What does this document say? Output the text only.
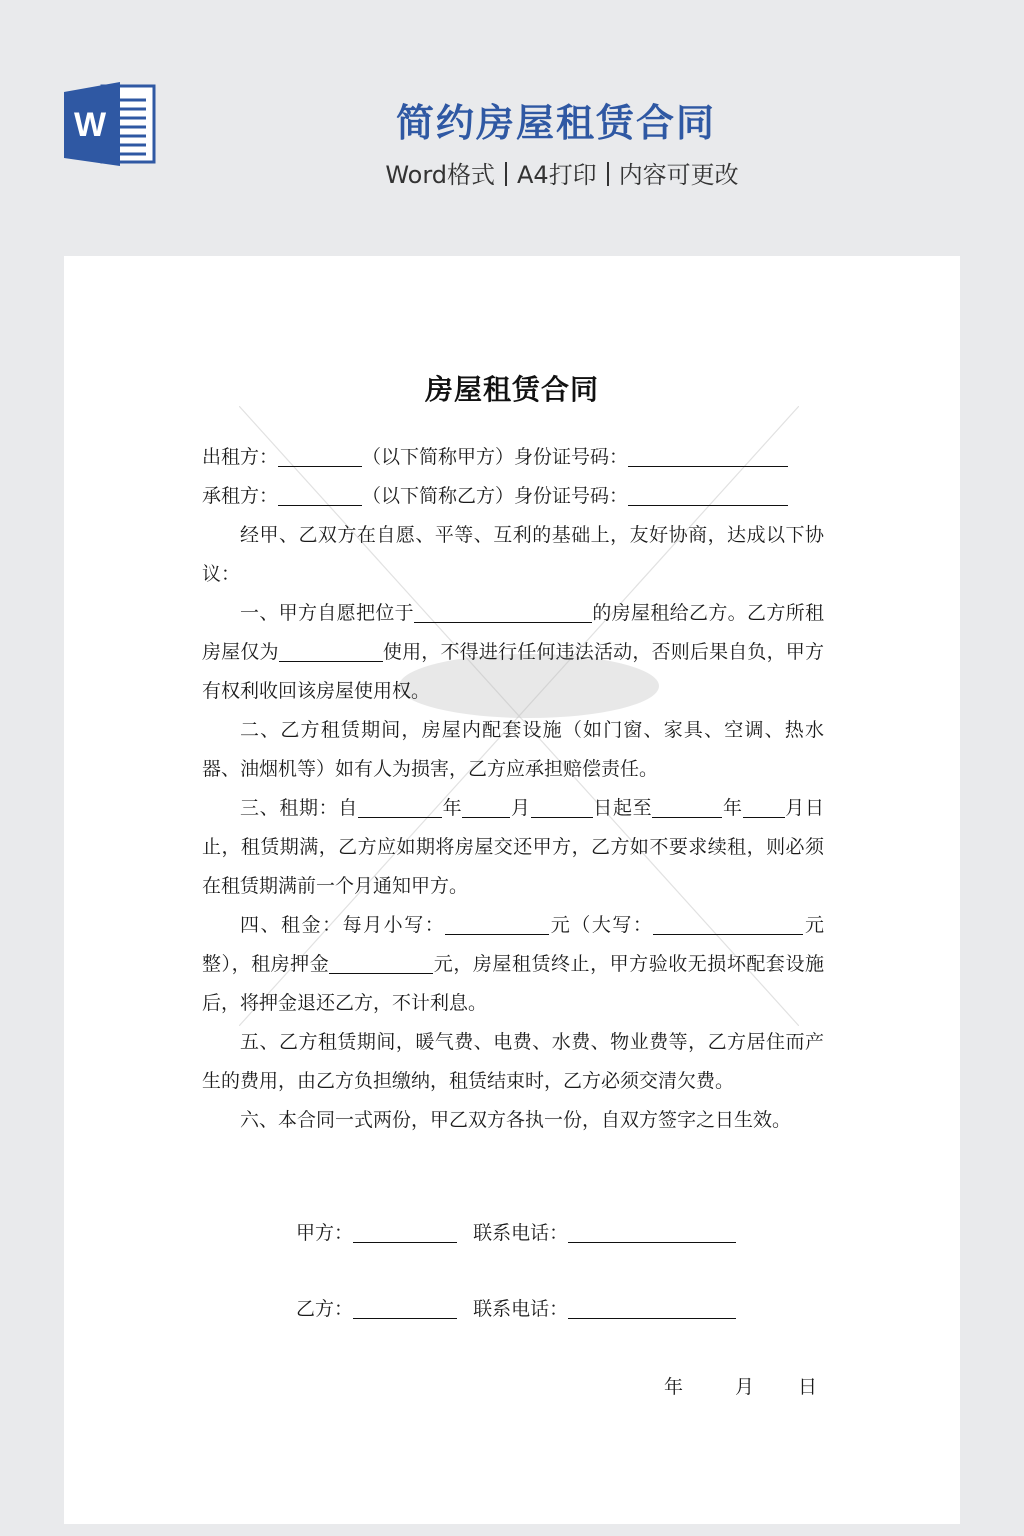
W	简约房屋租赁合同
Word格式 A4打印 内容可更改
房屋租赁合同

出租方：	（以下简称甲方）身份证号码：

承租方：	（以下简称乙方）身份证号码：

经甲、乙双方在自愿、平等、互利的基础上，友好协商，达成以下协议：

一、甲方自愿把位于	的房屋租给乙方。乙方所租房屋仅为	使用，不得进行任何违法活动，否则后果自负，甲方有权利收回该房屋使用权。

二、乙方租赁期间，房屋内配套设施（如门窗、家具、空调、热水器、油烟机等）如有人为损害，乙方应承担赔偿责任。

三、租期：自	年	月	日起至	年 月日止，租赁期满，乙方应如期将房屋交还甲方，乙方如不要求续租，则必须在租赁期满前一个月通知甲方。

四、租金：每月小写：	元（大写：	元整），租房押金	元，房屋租赁终止，甲方验收无损坏配套设施后，将押金退还乙方，不计利息。

五、乙方租赁期间，暖气费、电费、水费、物业费等，乙方居住而产生的费用，由乙方负担缴纳，租赁结束时，乙方必须交清欠费。

六、本合同一式两份，甲乙双方各执一份，自双方签字之日生效。

甲方：	联系电话：
乙方：	联系电话：
年	月 日
